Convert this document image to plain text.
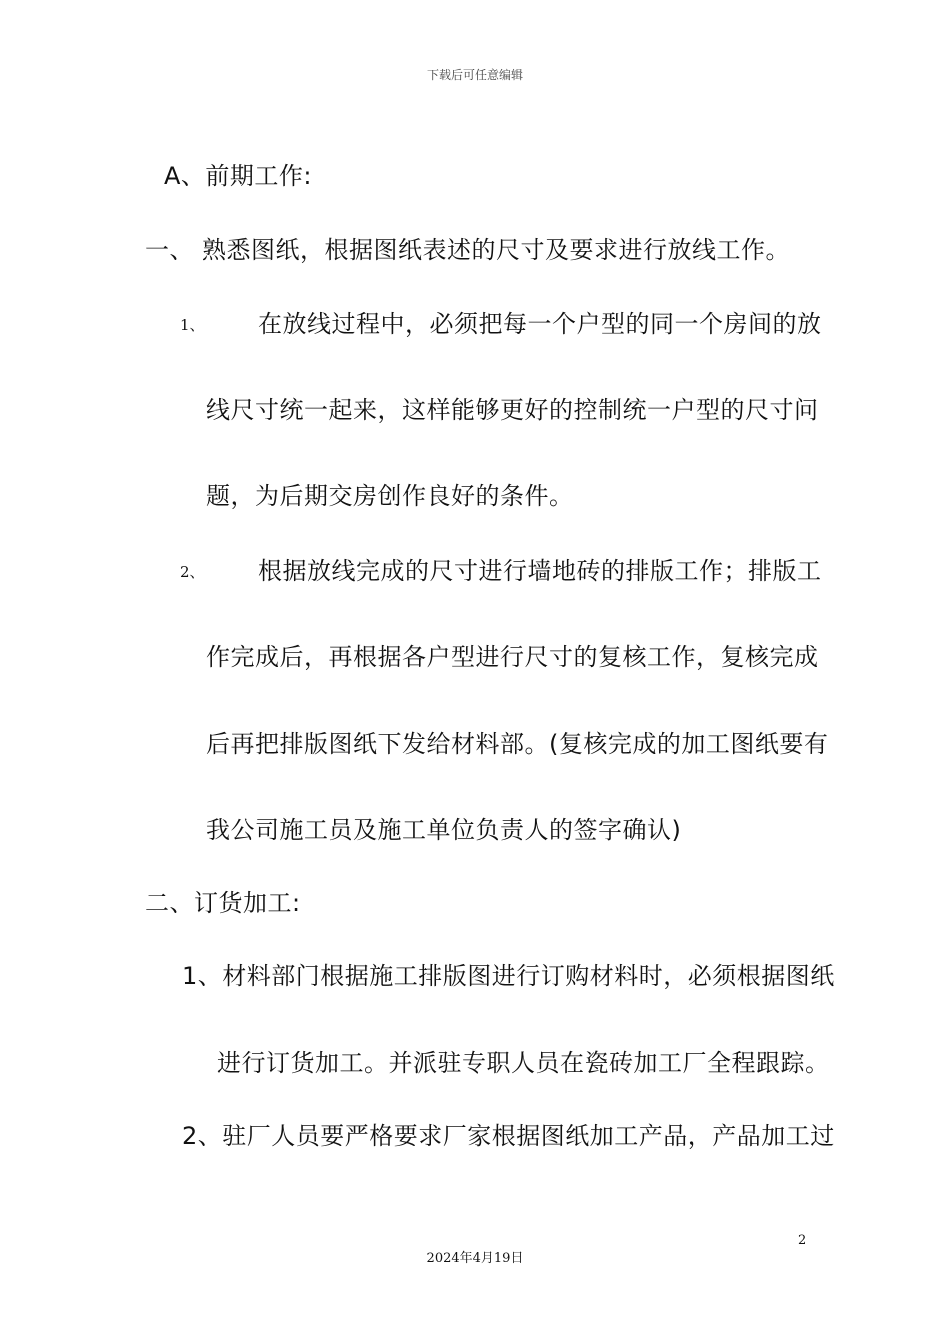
下载后可任意编辑
A、前期工作:
一、 熟悉图纸，根据图纸表述的尺寸及要求进行放线工作。
1、 在放线过程中，必须把每一个户型的同一个房间的放
线尺寸统一起来，这样能够更好的控制统一户型的尺寸问
题，为后期交房创作良好的条件。
2、 根据放线完成的尺寸进行墙地砖的排版工作；排版工
作完成后，再根据各户型进行尺寸的复核工作，复核完成
后再把排版图纸下发给材料部。(复核完成的加工图纸要有
我公司施工员及施工单位负责人的签字确认)
二、订货加工:
1、材料部门根据施工排版图进行订购材料时，必须根据图纸
进行订货加工。并派驻专职人员在瓷砖加工厂全程跟踪。
2、驻厂人员要严格要求厂家根据图纸加工产品，产品加工过
2
2024年4月19日
